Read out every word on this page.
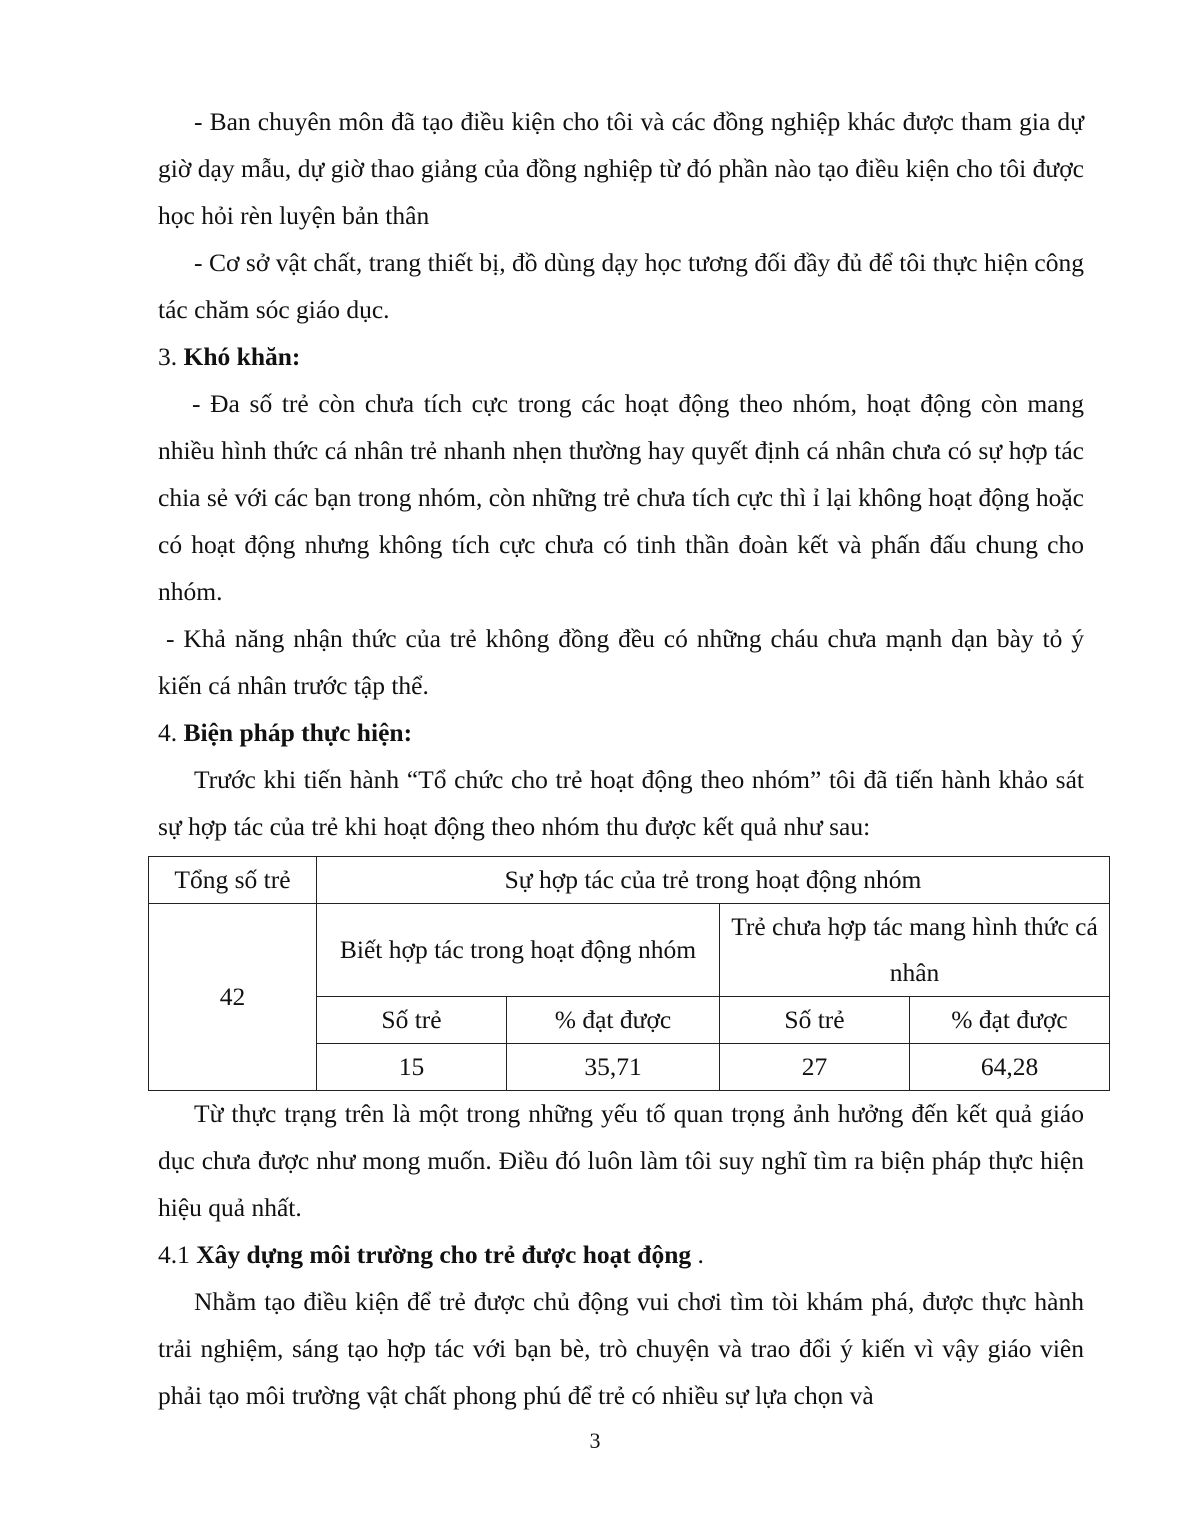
- Ban chuyên môn đã tạo điều kiện cho tôi và các đồng nghiệp khác được tham gia dự giờ dạy mẫu, dự giờ thao giảng của đồng nghiệp từ đó phần nào tạo điều kiện cho tôi được học hỏi rèn luyện bản thân

- Cơ sở vật chất, trang thiết bị, đồ dùng dạy học tương đối đầy đủ để tôi thực hiện công tác chăm sóc giáo dục.

3. Khó khăn:

- Đa số trẻ còn chưa tích cực trong các hoạt động theo nhóm, hoạt động còn mang nhiều hình thức cá nhân trẻ nhanh nhẹn thường hay quyết định cá nhân chưa có sự hợp tác chia sẻ với các bạn trong nhóm, còn những trẻ chưa tích cực thì ỉ lại không hoạt động hoặc có hoạt động nhưng không tích cực chưa có tinh thần đoàn kết và phấn đấu chung cho nhóm.

- Khả năng nhận thức của trẻ không đồng đều có những cháu chưa mạnh dạn bày tỏ ý kiến cá nhân trước tập thể.

4. Biện pháp thực hiện:

Trước khi tiến hành “Tổ chức cho trẻ hoạt động theo nhóm” tôi đã tiến hành khảo sát sự hợp tác của trẻ khi hoạt động theo nhóm thu được kết quả như sau:

Tổng số trẻ	Sự hợp tác của trẻ trong hoạt động nhóm			
42	Biết hợp tác trong hoạt động nhóm		Trẻ chưa hợp tác mang hình thức cá nhân	
	Số trẻ	% đạt được	Số trẻ	% đạt được
	15	35,71	27	64,28

Từ thực trạng trên là một trong những yếu tố quan trọng ảnh hưởng đến kết quả giáo dục chưa được như mong muốn. Điều đó luôn làm tôi suy nghĩ tìm ra biện pháp thực hiện hiệu quả nhất.

4.1 Xây dựng môi trường cho trẻ được hoạt động .

Nhằm tạo điều kiện để trẻ được chủ động vui chơi tìm tòi khám phá, được thực hành trải nghiệm, sáng tạo hợp tác với bạn bè, trò chuyện và trao đổi ý kiến vì vậy giáo viên phải tạo môi trường vật chất phong phú để trẻ có nhiều sự lựa chọn và

3
